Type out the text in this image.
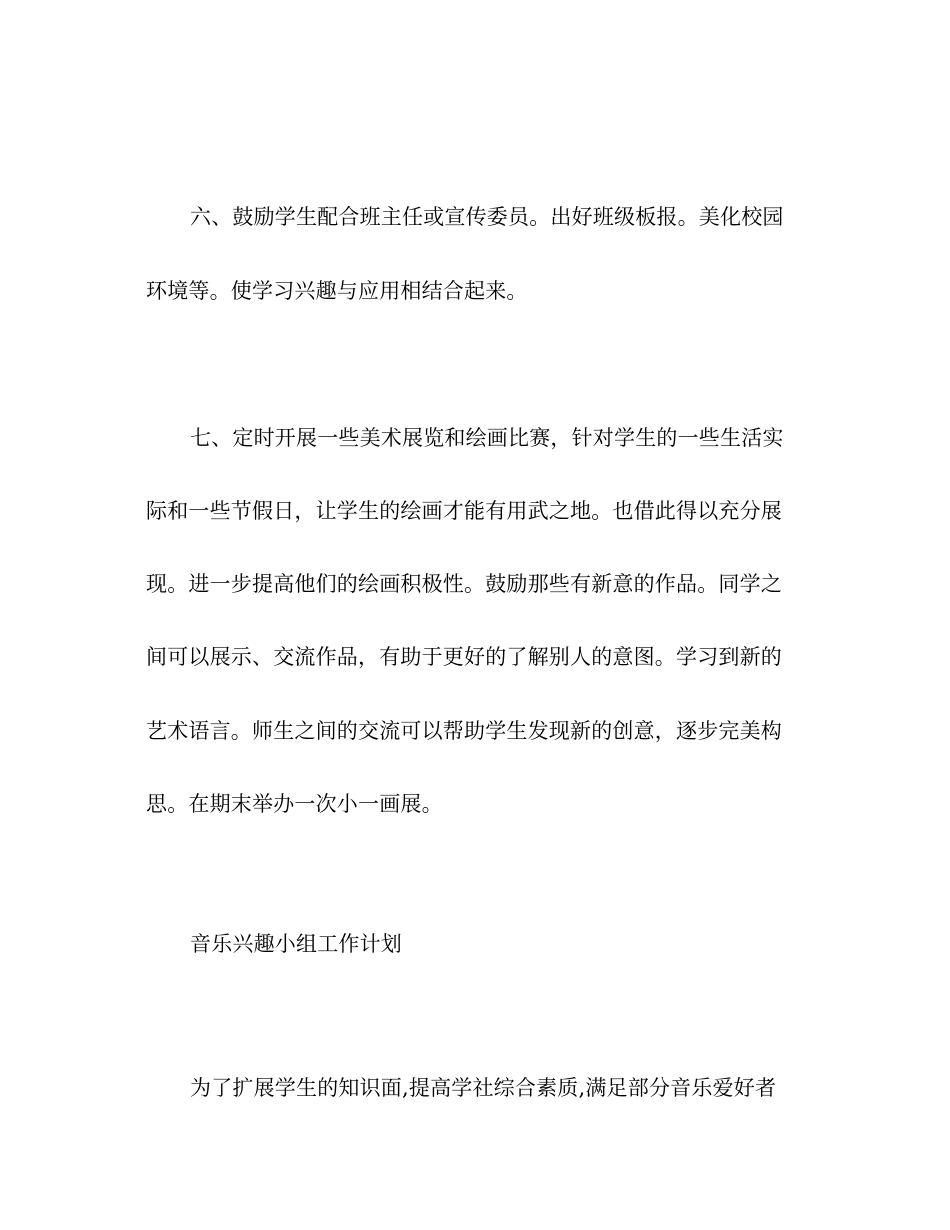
六、鼓励学生配合班主任或宣传委员。出好班级板报。美化校园
环境等。使学习兴趣与应用相结合起来。
七、定时开展一些美术展览和绘画比赛，针对学生的一些生活实
际和一些节假日，让学生的绘画才能有用武之地。也借此得以充分展
现。进一步提高他们的绘画积极性。鼓励那些有新意的作品。同学之
间可以展示、交流作品，有助于更好的了解别人的意图。学习到新的
艺术语言。师生之间的交流可以帮助学生发现新的创意，逐步完美构
思。在期末举办一次小一画展。
音乐兴趣小组工作计划
为了扩展学生的知识面,提高学社综合素质,满足部分音乐爱好者
